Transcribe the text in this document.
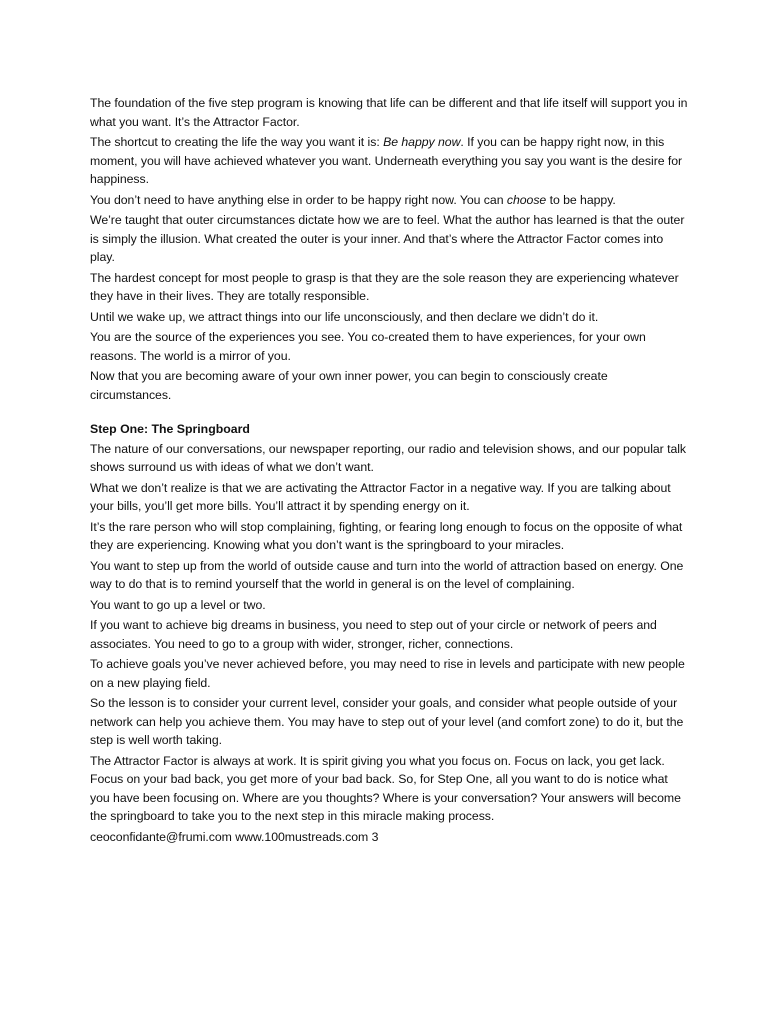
The foundation of the five step program is knowing that life can be different and that life itself will support you in what you want. It’s the Attractor Factor.

The shortcut to creating the life the way you want it is: Be happy now. If you can be happy right now, in this moment, you will have achieved whatever you want. Underneath everything you say you want is the desire for happiness.

You don’t need to have anything else in order to be happy right now. You can choose to be happy.

We’re taught that outer circumstances dictate how we are to feel. What the author has learned is that the outer is simply the illusion. What created the outer is your inner. And that’s where the Attractor Factor comes into play.

The hardest concept for most people to grasp is that they are the sole reason they are experiencing whatever they have in their lives. They are totally responsible.

Until we wake up, we attract things into our life unconsciously, and then declare we didn’t do it.

You are the source of the experiences you see. You co-created them to have experiences, for your own reasons. The world is a mirror of you.

Now that you are becoming aware of your own inner power, you can begin to consciously create circumstances.

Step One: The Springboard

The nature of our conversations, our newspaper reporting, our radio and television shows, and our popular talk shows surround us with ideas of what we don’t want.

What we don’t realize is that we are activating the Attractor Factor in a negative way. If you are talking about your bills, you’ll get more bills. You’ll attract it by spending energy on it.

It’s the rare person who will stop complaining, fighting, or fearing long enough to focus on the opposite of what they are experiencing. Knowing what you don’t want is the springboard to your miracles.

You want to step up from the world of outside cause and turn into the world of attraction based on energy. One way to do that is to remind yourself that the world in general is on the level of complaining.

You want to go up a level or two.

If you want to achieve big dreams in business, you need to step out of your circle or network of peers and associates. You need to go to a group with wider, stronger, richer, connections.

To achieve goals you’ve never achieved before, you may need to rise in levels and participate with new people on a new playing field.

So the lesson is to consider your current level, consider your goals, and consider what people outside of your network can help you achieve them. You may have to step out of your level (and comfort zone) to do it, but the step is well worth taking.

The Attractor Factor is always at work. It is spirit giving you what you focus on. Focus on lack, you get lack. Focus on your bad back, you get more of your bad back. So, for Step One, all you want to do is notice what you have been focusing on. Where are you thoughts? Where is your conversation? Your answers will become the springboard to take you to the next step in this miracle making process.

ceoconfidante@frumi.com www.100mustreads.com 3
